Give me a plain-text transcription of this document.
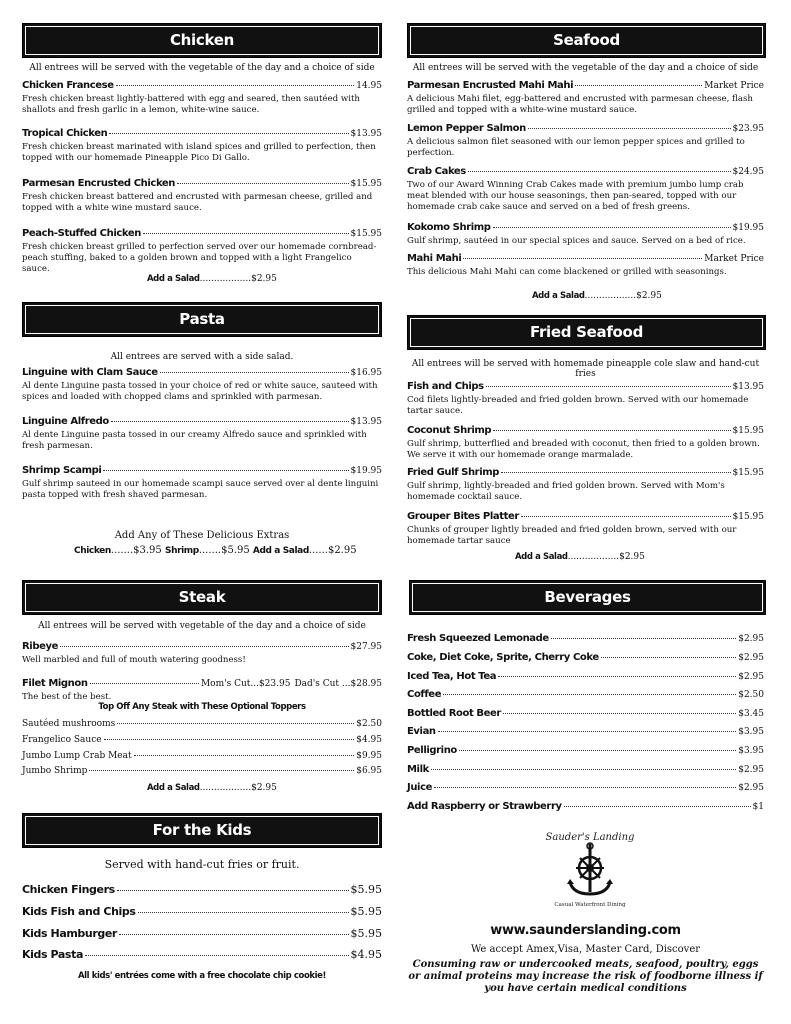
Chicken
All entrees will be served with the vegetable of the day and a choice of side
Chicken Francese	14.95
Fresh chicken breast lightly-battered with egg and seared, then sautéed with shallots and fresh garlic in a lemon, white-wine sauce.
Tropical Chicken	$13.95
Fresh chicken breast marinated with island spices and grilled to perfection, then topped with our homemade Pineapple Pico Di Gallo.
Parmesan Encrusted Chicken	$15.95
Fresh chicken breast battered and encrusted with parmesan cheese, grilled and topped with a white wine mustard sauce.
Peach-Stuffed Chicken	$15.95
Fresh chicken breast grilled to perfection served over our homemade cornbread-peach stuffing, baked to a golden brown and topped with a light Frangelico sauce.
Add a Salad..................$2.95
Pasta
All entrees are served with a side salad.
Linguine with Clam Sauce	$16.95
Al dente Linguine pasta tossed in your choice of red or white sauce, sauteed with spices and loaded with chopped clams and sprinkled with parmesan.
Linguine Alfredo	$13.95
Al dente Linguine pasta tossed in our creamy Alfredo sauce and sprinkled with fresh parmesan.
Shrimp Scampi	$19.95
Gulf shrimp sauteed in our homemade scampi sauce served over al dente linguini pasta topped with fresh shaved parmesan.
Add Any of These Delicious Extras
Chicken.......$3.95 Shrimp.......$5.95 Add a Salad......$2.95
Steak
All entrees will be served with vegetable of the day and a choice of side
Ribeye	$27.95
Well marbled and full of mouth watering goodness!
Filet Mignon	Mom's Cut...$23.95 Dad's Cut ... $28.95
The best of the best.
Top Off Any Steak with These Optional Toppers
Sautéed mushrooms	$2.50
Frangelico Sauce	$4.95
Jumbo Lump Crab Meat	$9.95
Jumbo Shrimp	$6.95
Add a Salad..................$2.95
For the Kids
Served with hand-cut fries or fruit.
Chicken Fingers	$5.95
Kids Fish and Chips	$5.95
Kids Hamburger	$5.95
Kids Pasta	$4.95
All kids' entrées come with a free chocolate chip cookie!
Seafood
All entrees will be served with the vegetable of the day and a choice of side
Parmesan Encrusted Mahi Mahi	Market Price
A delicious Mahi filet, egg-battered and encrusted with parmesan cheese, flash grilled and topped with a white-wine mustard sauce.
Lemon Pepper Salmon	$23.95
A delicious salmon filet seasoned with our lemon pepper spices and grilled to perfection.
Crab Cakes	$24.95
Two of our Award Winning Crab Cakes made with premium jumbo lump crab meat blended with our house seasonings, then pan-seared, topped with our homemade crab cake sauce and served on a bed of fresh greens.
Kokomo Shrimp	$19.95
Gulf shrimp, sautéed in our special spices and sauce. Served on a bed of rice.
Mahi Mahi	Market Price
This delicious Mahi Mahi can come blackened or grilled with seasonings.
Add a Salad..................$2.95
Fried Seafood
All entrees will be served with homemade pineapple cole slaw and hand-cut fries
Fish and Chips	$13.95
Cod filets lightly-breaded and fried golden brown. Served with our homemade tartar sauce.
Coconut Shrimp	$15.95
Gulf shrimp, butterflied and breaded with coconut, then fried to a golden brown. We serve it with our homemade orange marmalade.
Fried Gulf Shrimp	$15.95
Gulf shrimp, lightly-breaded and fried golden brown. Served with Mom's homemade cocktail sauce.
Grouper Bites Platter	$15.95
Chunks of grouper lightly breaded and fried golden brown, served with our homemade tartar sauce
Add a Salad..................$2.95
Beverages
Fresh Squeezed Lemonade	$2.95
Coke, Diet Coke, Sprite, Cherry Coke	$2.95
Iced Tea, Hot Tea	$2.95
Coffee	$2.50
Bottled Root Beer	$3.45
Evian	$3.95
Pelligrino	$3.95
Milk	$2.95
Juice	$2.95
Add Raspberry or Strawberry	$1
Sauder's Landing
Casual Waterfront Dining
www.saunderslanding.com
We accept Amex,Visa, Master Card, Discover
Consuming raw or undercooked meats, seafood, poultry, eggs or animal proteins may increase the risk of foodborne illness if you have certain medical conditions
